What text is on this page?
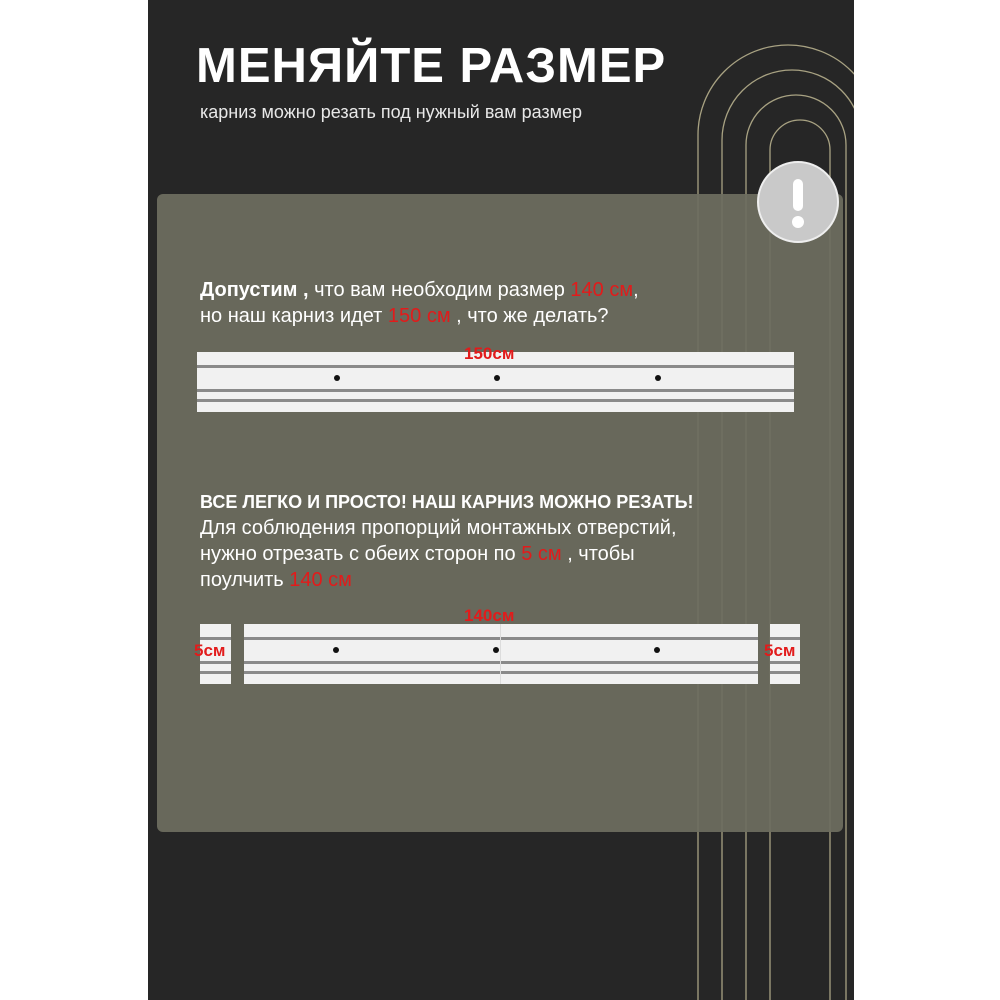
МЕНЯЙТЕ РАЗМЕР
карниз можно резать под нужный вам размер
Допустим , что вам необходим размер 140 см,
но наш карниз идет 150 см , что же делать?
150см
ВСЕ ЛЕГКО И ПРОСТО! НАШ КАРНИЗ МОЖНО РЕЗАТЬ!
Для соблюдения пропорций монтажных отверстий,
нужно отрезать с обеих сторон по 5 см , чтобы
поулчить 140 см
5см
140см
5см
